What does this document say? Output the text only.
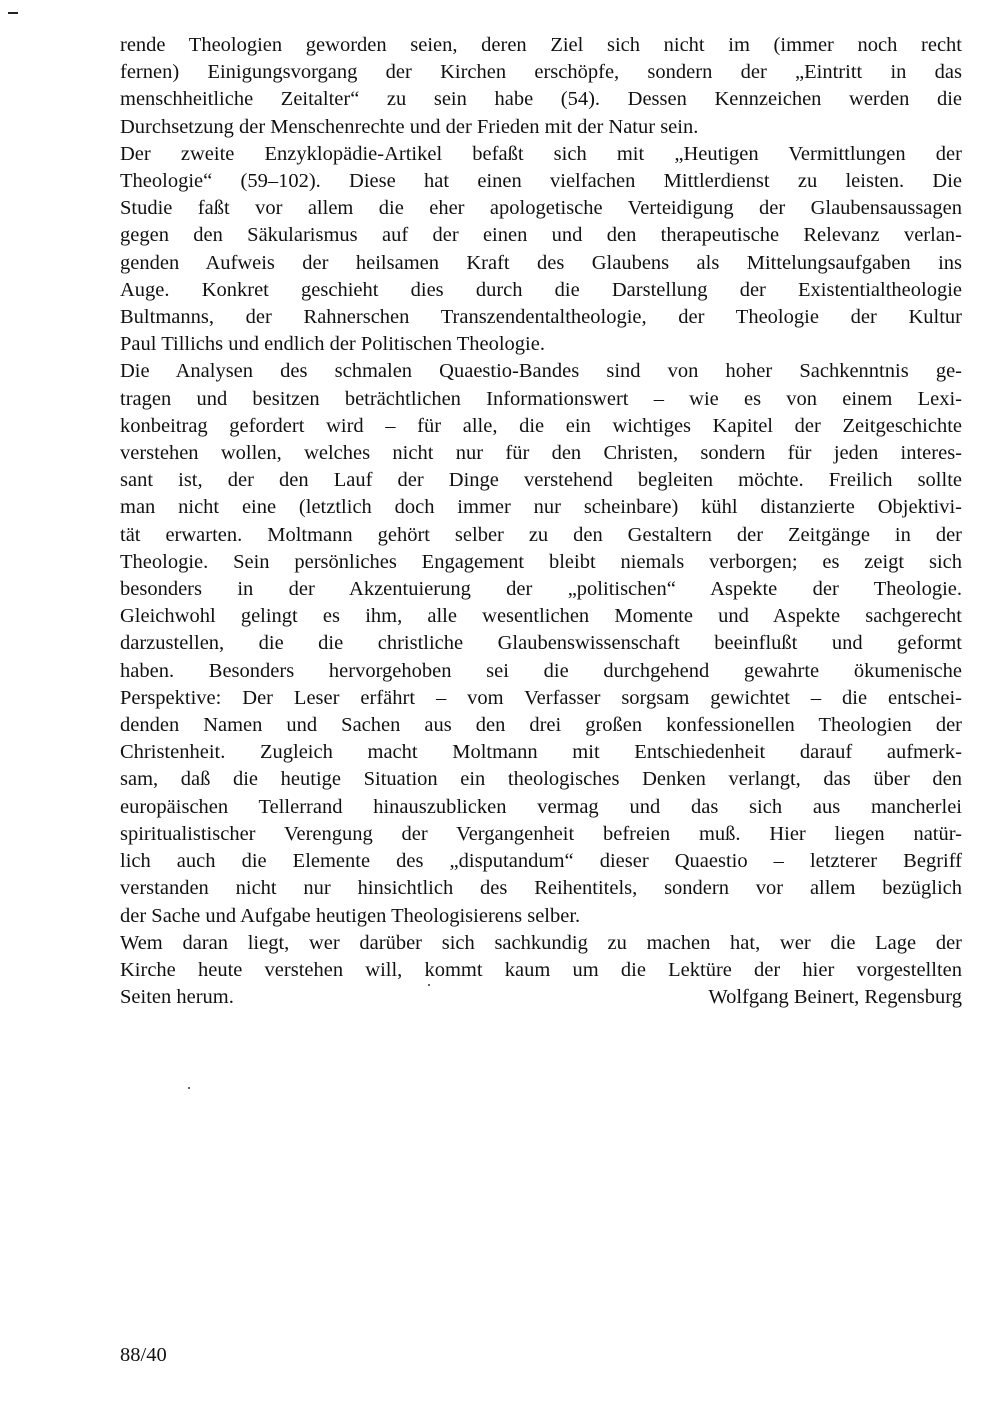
rende Theologien geworden seien, deren Ziel sich nicht im (immer noch recht
fernen) Einigungsvorgang der Kirchen erschöpfe, sondern der „Eintritt in das
menschheitliche Zeitalter“ zu sein habe (54). Dessen Kennzeichen werden die
Durchsetzung der Menschenrechte und der Frieden mit der Natur sein.
Der zweite Enzyklopädie-Artikel befaßt sich mit „Heutigen Vermittlungen der
Theologie“ (59–102). Diese hat einen vielfachen Mittlerdienst zu leisten. Die
Studie faßt vor allem die eher apologetische Verteidigung der Glaubensaussagen
gegen den Säkularismus auf der einen und den therapeutische Relevanz verlan-
genden Aufweis der heilsamen Kraft des Glaubens als Mittelungsaufgaben ins
Auge. Konkret geschieht dies durch die Darstellung der Existentialtheologie
Bultmanns, der Rahnerschen Transzendentaltheologie, der Theologie der Kultur
Paul Tillichs und endlich der Politischen Theologie.
Die Analysen des schmalen Quaestio-Bandes sind von hoher Sachkenntnis ge-
tragen und besitzen beträchtlichen Informationswert – wie es von einem Lexi-
konbeitrag gefordert wird – für alle, die ein wichtiges Kapitel der Zeitgeschichte
verstehen wollen, welches nicht nur für den Christen, sondern für jeden interes-
sant ist, der den Lauf der Dinge verstehend begleiten möchte. Freilich sollte
man nicht eine (letztlich doch immer nur scheinbare) kühl distanzierte Objektivi-
tät erwarten. Moltmann gehört selber zu den Gestaltern der Zeitgänge in der
Theologie. Sein persönliches Engagement bleibt niemals verborgen; es zeigt sich
besonders in der Akzentuierung der „politischen“ Aspekte der Theologie.
Gleichwohl gelingt es ihm, alle wesentlichen Momente und Aspekte sachgerecht
darzustellen, die die christliche Glaubenswissenschaft beeinflußt und geformt
haben. Besonders hervorgehoben sei die durchgehend gewahrte ökumenische
Perspektive: Der Leser erfährt – vom Verfasser sorgsam gewichtet – die entschei-
denden Namen und Sachen aus den drei großen konfessionellen Theologien der
Christenheit. Zugleich macht Moltmann mit Entschiedenheit darauf aufmerk-
sam, daß die heutige Situation ein theologisches Denken verlangt, das über den
europäischen Tellerrand hinauszublicken vermag und das sich aus mancherlei
spiritualistischer Verengung der Vergangenheit befreien muß. Hier liegen natür-
lich auch die Elemente des „disputandum“ dieser Quaestio – letzterer Begriff
verstanden nicht nur hinsichtlich des Reihentitels, sondern vor allem bezüglich
der Sache und Aufgabe heutigen Theologisierens selber.
Wem daran liegt, wer darüber sich sachkundig zu machen hat, wer die Lage der
Kirche heute verstehen will, kommt kaum um die Lektüre der hier vorgestellten
Seiten herum.	Wolfgang Beinert, Regensburg
88/40
